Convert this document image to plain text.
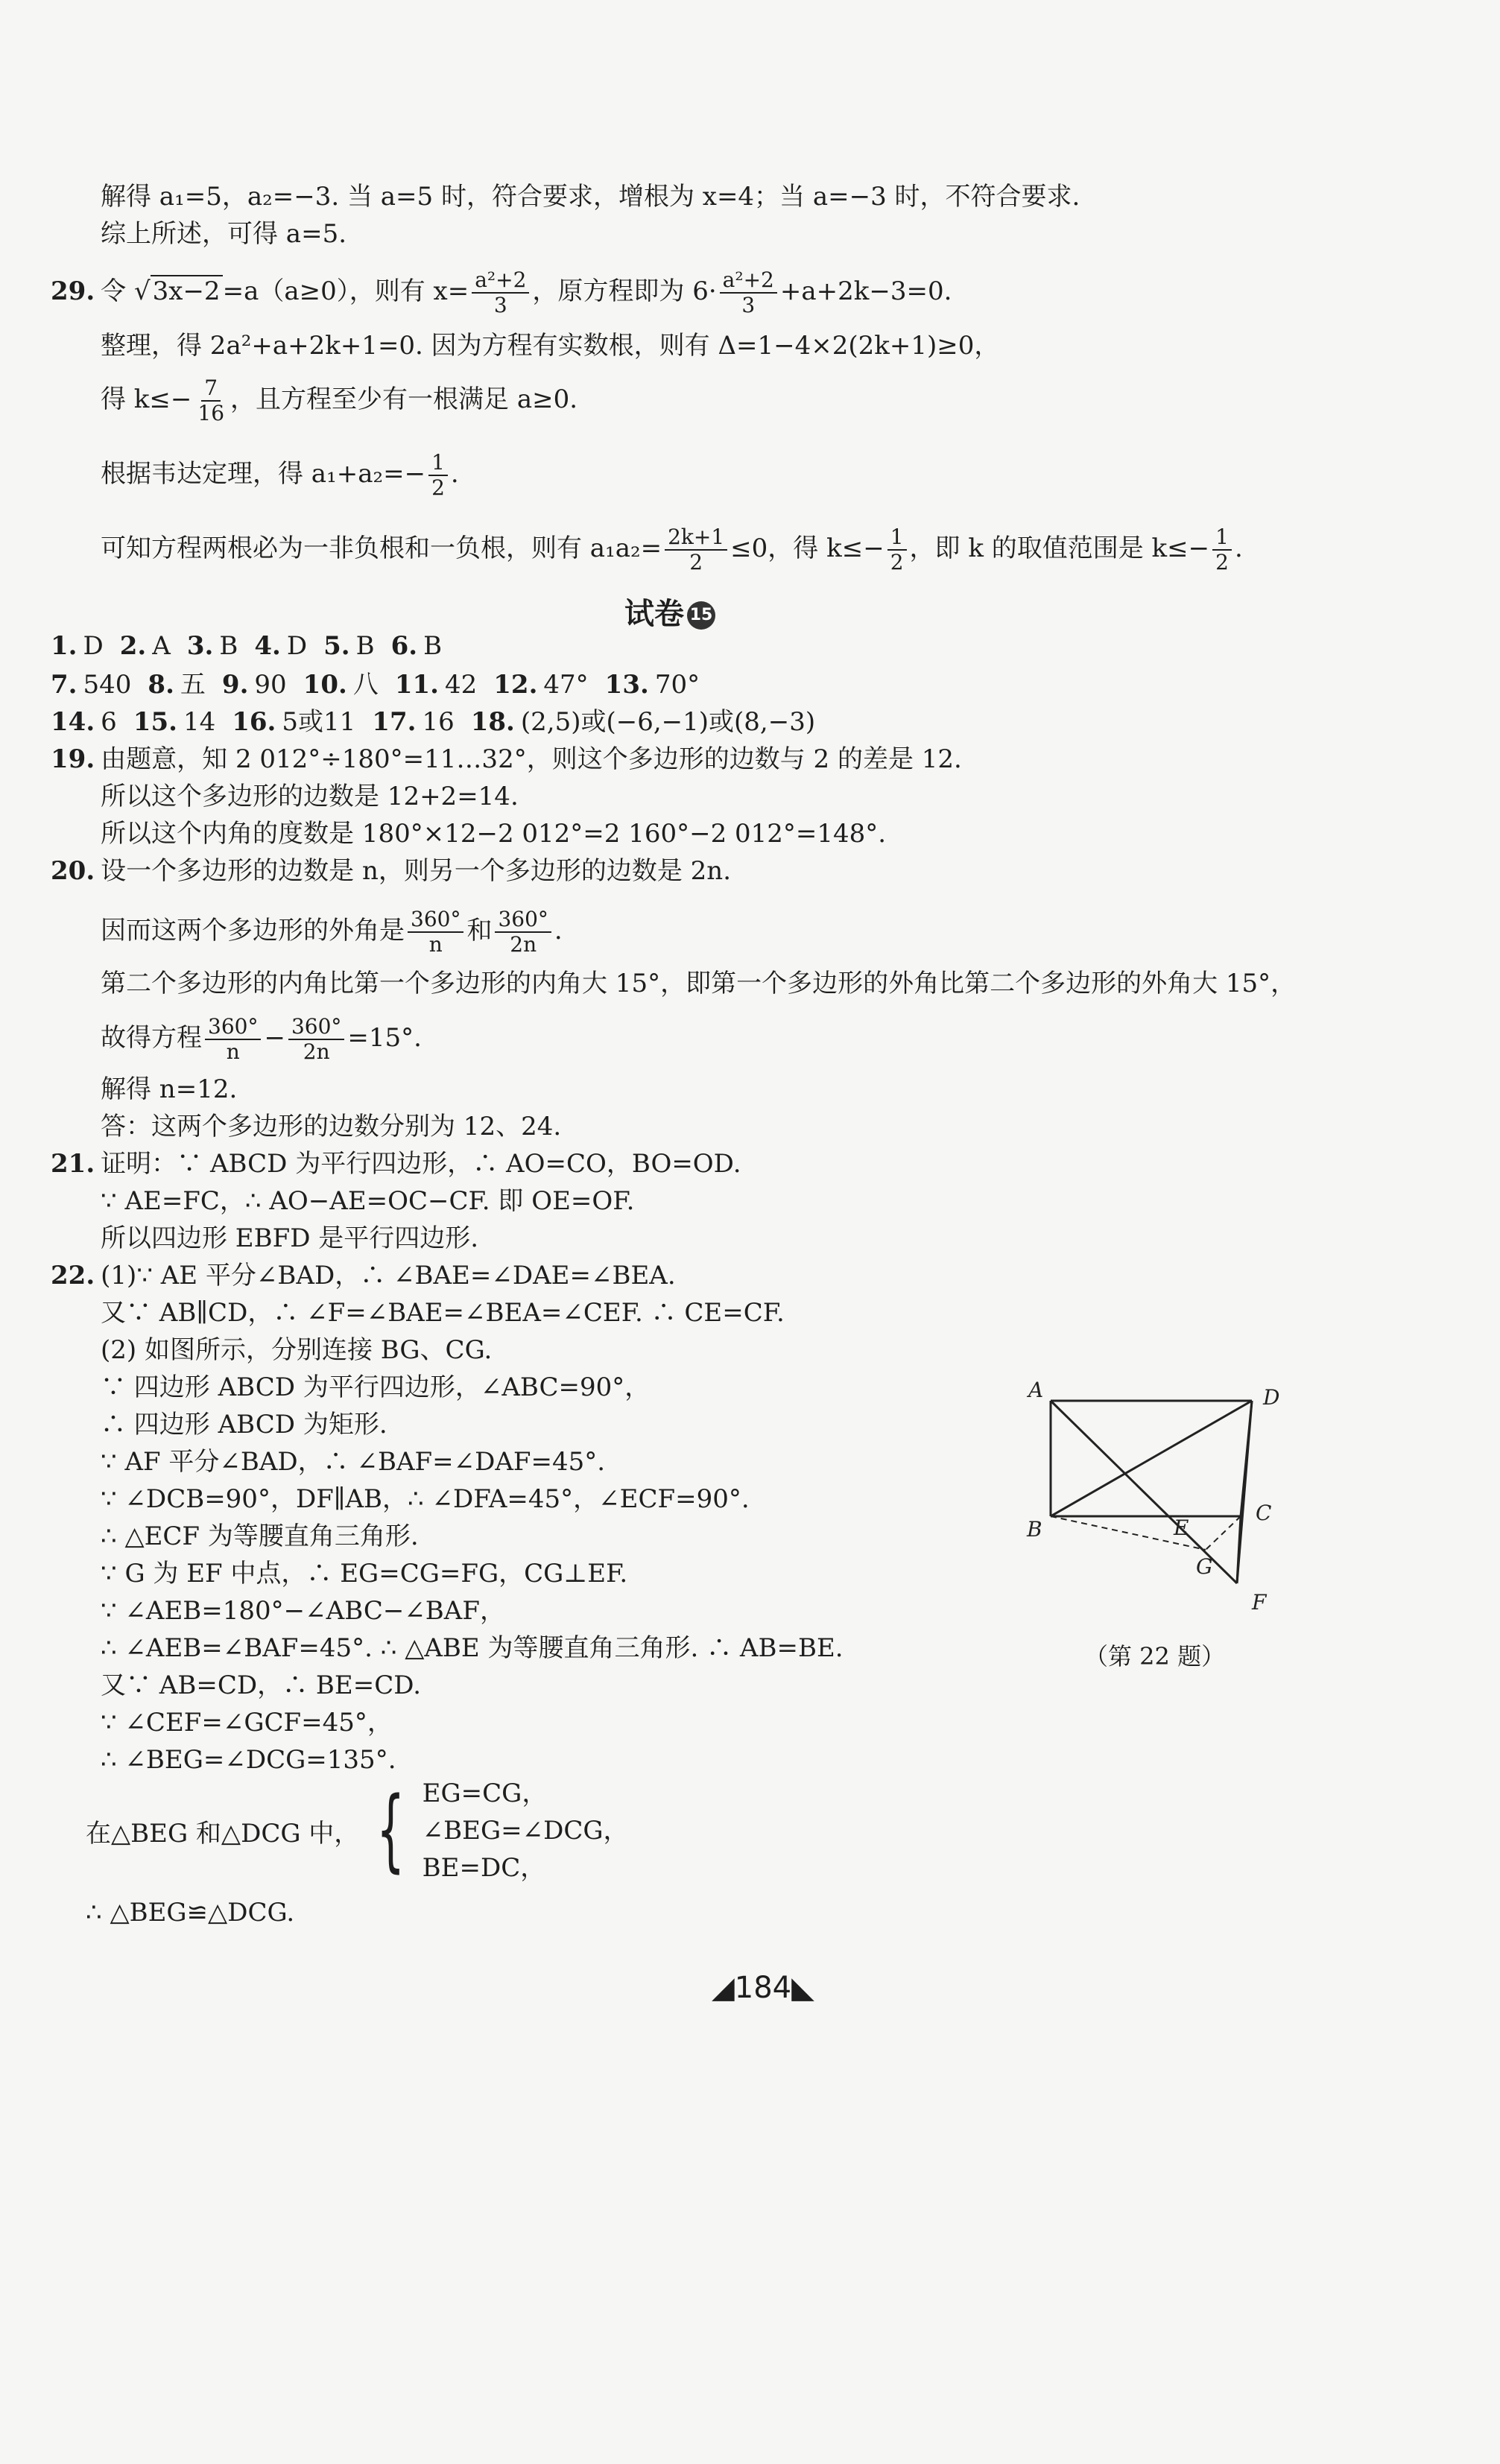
解得 a₁=5，a₂=−3. 当 a=5 时，符合要求，增根为 x=4；当 a=−3 时，不符合要求.
综上所述，可得 a=5.
29. 令 √3x−2=a（a≥0），则有 $x= \frac{\text{a²+2}}{3}$ ，原方程即为 $6\cdot \frac{\text{a²+2}}{3} +a+2k-3=0$.
整理，得 2a²+a+2k+1=0. 因为方程有实数根，则有 Δ=1−4×2(2k+1)≥0，
得 $k\le- \frac{7}{16}$ ，且方程至少有一根满足 a≥0.
根据韦达定理，得 $a_1+a_2=- \frac{1}{2}$ .
可知方程两根必为一非负根和一负根，则有 $a_1a_2= \frac{2k+1}{2} \le 0$，得 $k\le- \frac{1}{2}$ ，即 k 的取值范围是 $k\le- \frac{1}{2}$ .
试卷 15
1. D 2. A 3. B 4. D 5. B 6. B
7. 540 8. 五 9. 90 10. 八 11. 42 12. 47° 13. 70°
14. 6 15. 14 16. 5或11 17. 16 18. (2,5)或(−6,−1)或(8,−3)
19. 由题意，知 2 012°÷180°=11…32°，则这个多边形的边数与 2 的差是 12.
所以这个多边形的边数是 12+2=14.
所以这个内角的度数是 180°×12−2 012°=2 160°−2 012°=148°.
20. 设一个多边形的边数是 n，则另一个多边形的边数是 2n.
因而这两个多边形的外角是 $\frac{360^\circ}{n}$ 和 $\frac{360^\circ}{2n}$ .
第二个多边形的内角比第一个多边形的内角大 15°，即第一个多边形的外角比第二个多边形的外角大 15°，
故得方程 $\frac{360^\circ}{n} - \frac{360^\circ}{2n} =15^\circ$.
解得 n=12.
答：这两个多边形的边数分别为 12、24.
21. 证明：∵ ABCD 为平行四边形，∴ AO=CO，BO=OD.
∵ AE=FC，∴ AO−AE=OC−CF. 即 OE=OF.
所以四边形 EBFD 是平行四边形.
22. (1)∵ AE 平分∠BAD，∴ ∠BAE=∠DAE=∠BEA.
又∵ AB∥CD，∴ ∠F=∠BAE=∠BEA=∠CEF. ∴ CE=CF.
(2) 如图所示，分别连接 BG、CG.
∵ 四边形 ABCD 为平行四边形，∠ABC=90°，
∴ 四边形 ABCD 为矩形.
∵ AF 平分∠BAD，∴ ∠BAF=∠DAF=45°.
∵ ∠DCB=90°，DF∥AB，∴ ∠DFA=45°，∠ECF=90°.
∴ △ECF 为等腰直角三角形.
∵ G 为 EF 中点，∴ EG=CG=FG，CG⊥EF.
∵ ∠AEB=180°−∠ABC−∠BAF，
∴ ∠AEB=∠BAF=45°. ∴ △ABE 为等腰直角三角形. ∴ AB=BE.
又∵ AB=CD，∴ BE=CD.
∵ ∠CEF=∠GCF=45°，
∴ ∠BEG=∠DCG=135°.
在△BEG 和△DCG 中， { EG=CG，
∠BEG=∠DCG，
BE=DC，
∴ △BEG≌△DCG.
A	D
B
C
E
G
F
（第 22 题）
◢184◣
